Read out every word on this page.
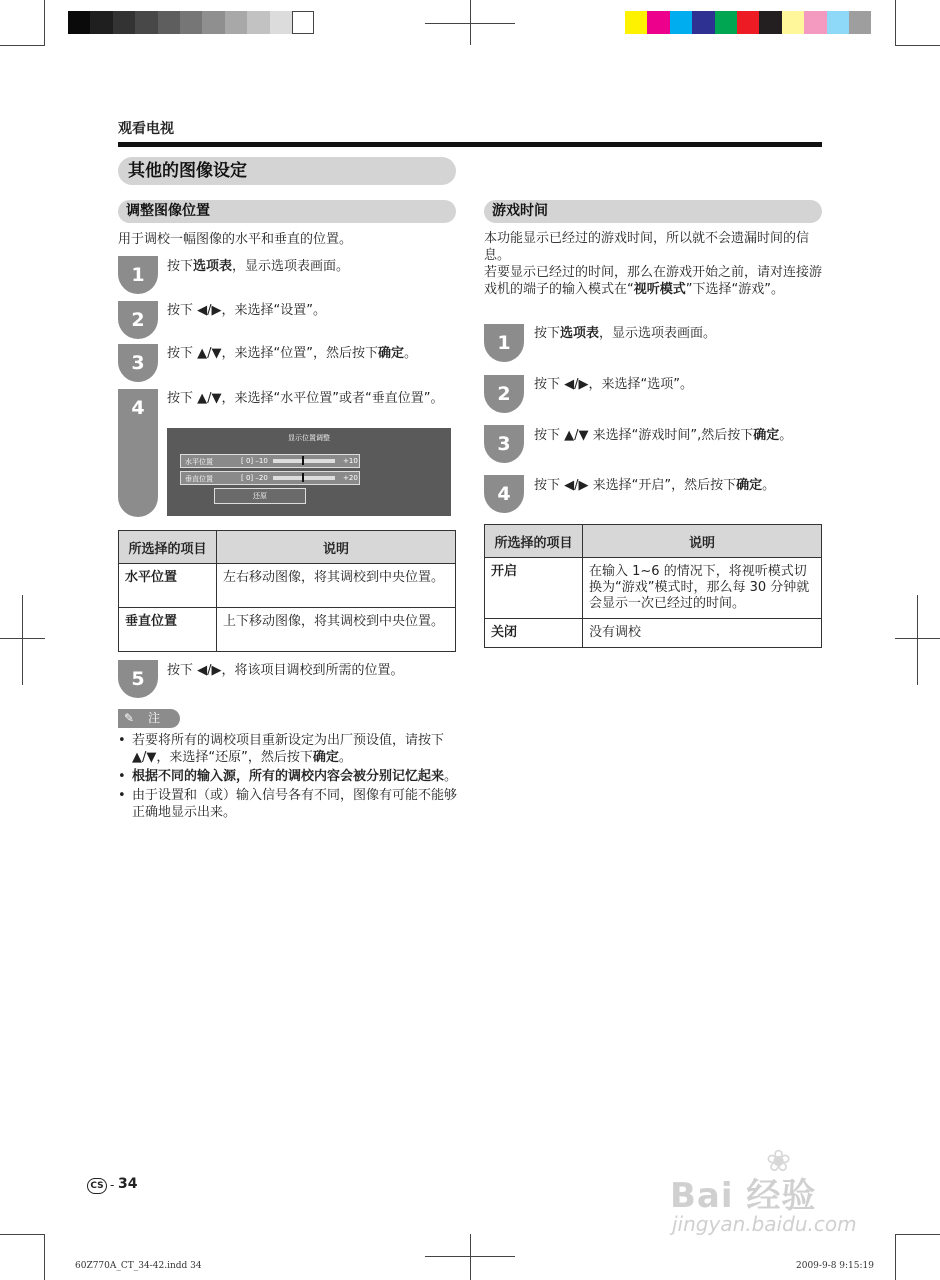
观看电视
其他的图像设定
调整图像位置
用于调校一幅图像的水平和垂直的位置。
1	按下选项表，显示选项表画面。
2	按下 ◀/▶，来选择“设置”。
3	按下 ▲/▼，来选择“位置”，然后按下确定。
4	按下 ▲/▼，来选择“水平位置”或者“垂直位置”。
显示位置调整
水平位置	[ 0] –10	+10
垂直位置	[ 0] –20	+20
还原
所选择的项目	说明
水平位置	左右移动图像，将其调校到中央位置。
垂直位置	上下移动图像，将其调校到中央位置。
5	按下 ◀/▶，将该项目调校到所需的位置。
✎ 注
• 若要将所有的调校项目重新设定为出厂预设值，请按下 ▲/▼，来选择“还原”，然后按下确定。
• 根据不同的输入源，所有的调校内容会被分别记忆起来。
• 由于设置和（或）输入信号各有不同，图像有可能不能够正确地显示出来。
游戏时间
本功能显示已经过的游戏时间，所以就不会遗漏时间的信息。
若要显示已经过的时间，那么在游戏开始之前，请对连接游戏机的端子的输入模式在“视听模式”下选择“游戏”。
1	按下选项表，显示选项表画面。
2	按下 ◀/▶，来选择“选项”。
3	按下 ▲/▼ 来选择“游戏时间”,然后按下确定。
4	按下 ◀/▶ 来选择“开启”，然后按下确定。
所选择的项目	说明
开启	在输入 1~6 的情况下，将视听模式切换为“游戏”模式时，那么每 30 分钟就会显示一次已经过的时间。
关闭	没有调校
CS - 34
60Z770A_CT_34-42.indd 34	2009-9-8 9:15:19
❀
Bai 经验
jingyan.baidu.com
